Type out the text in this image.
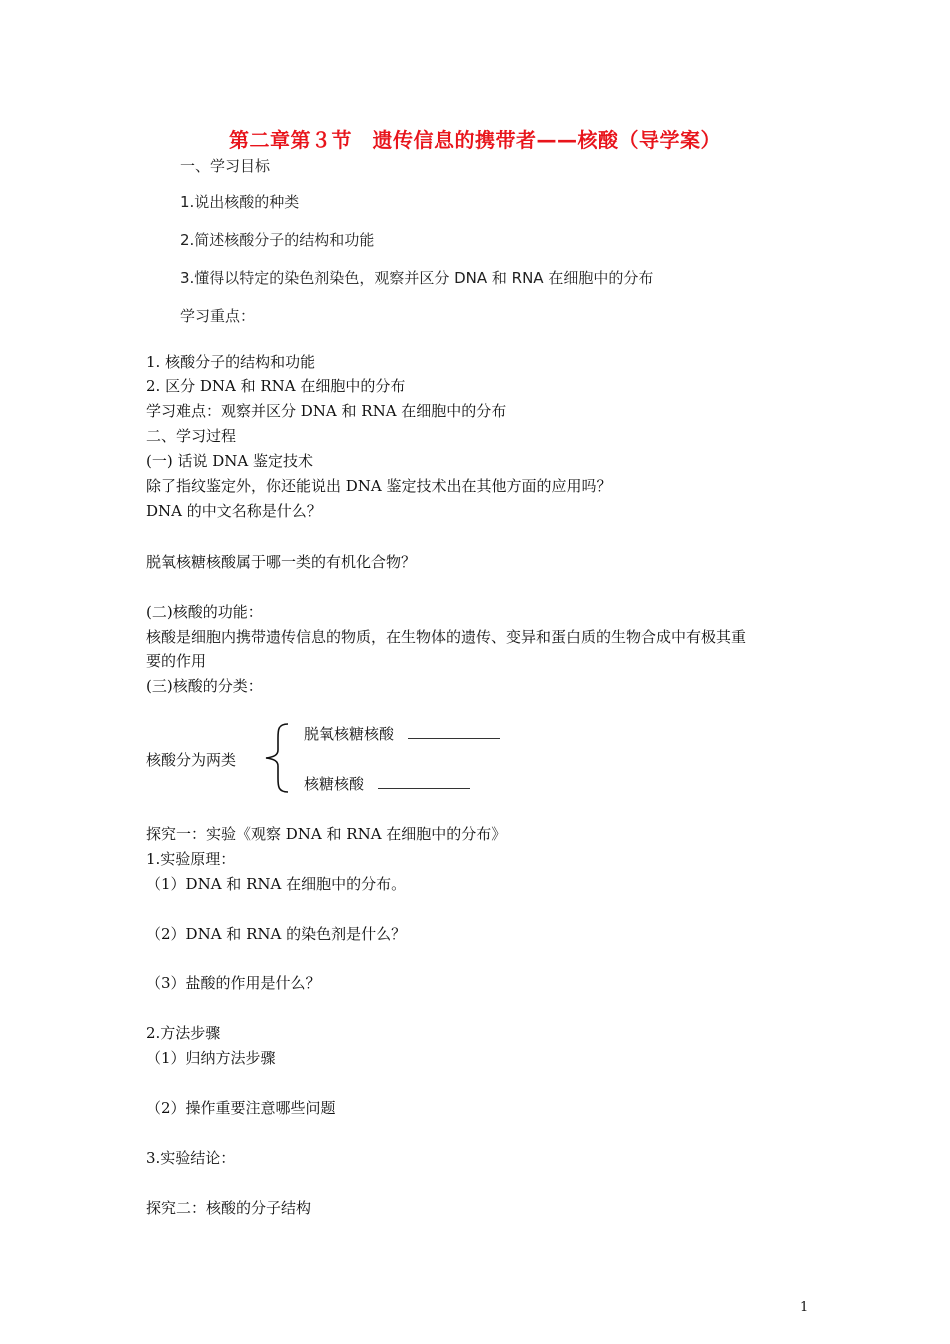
第二章第３节　遗传信息的携带者——核酸（导学案）
一、学习目标
1.说出核酸的种类
2.简述核酸分子的结构和功能
3.懂得以特定的染色剂染色，观察并区分 DNA 和 RNA 在细胞中的分布
学习重点：
1. 核酸分子的结构和功能
2. 区分 DNA 和 RNA 在细胞中的分布
学习难点：观察并区分 DNA 和 RNA 在细胞中的分布
二、学习过程
(一) 话说 DNA 鉴定技术
除了指纹鉴定外，你还能说出 DNA 鉴定技术出在其他方面的应用吗？
DNA 的中文名称是什么？
脱氧核糖核酸属于哪一类的有机化合物？
(二)核酸的功能：
核酸是细胞内携带遗传信息的物质，在生物体的遗传、变异和蛋白质的生物合成中有极其重
要的作用
(三)核酸的分类：
核酸分为两类
脱氧核糖核酸
核糖核酸
探究一：实验《观察 DNA 和 RNA 在细胞中的分布》
1.实验原理：
（1）DNA 和 RNA 在细胞中的分布。
（2）DNA 和 RNA 的染色剂是什么？
（3）盐酸的作用是什么？
2.方法步骤
（1）归纳方法步骤
（2）操作重要注意哪些问题
3.实验结论：
探究二：核酸的分子结构
1
